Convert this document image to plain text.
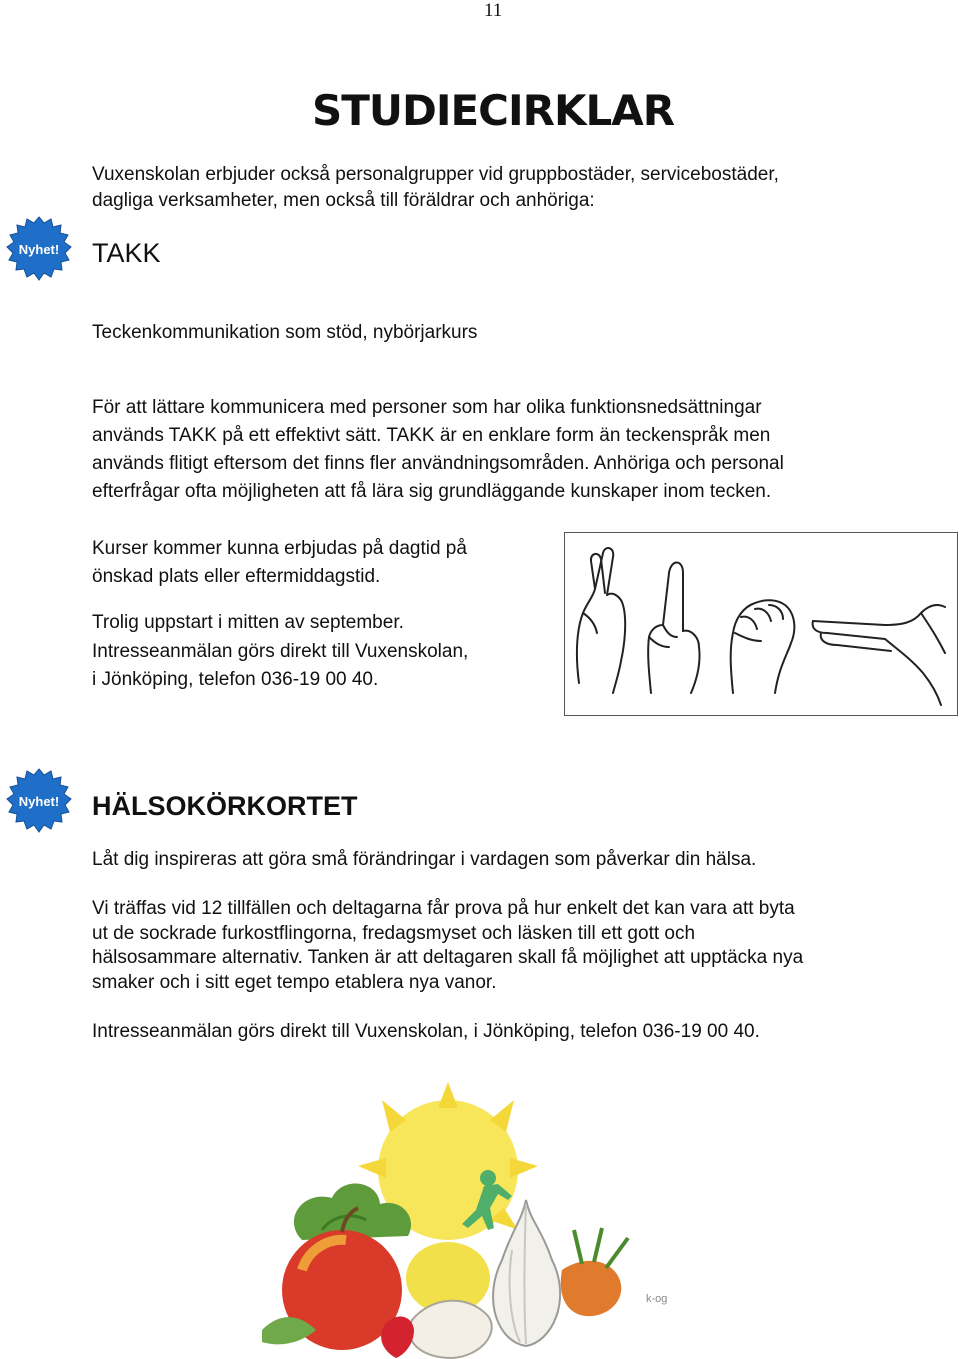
11
STUDIECIRKLAR
Vuxenskolan erbjuder också personalgrupper vid gruppbostäder, servicebostäder,
dagliga verksamheter, men också till föräldrar och anhöriga:
Nyhet! TAKK
Teckenkommunikation som stöd, nybörjarkurs
För att lättare kommunicera med personer som har olika funktionsnedsättningar
används TAKK på ett effektivt sätt. TAKK är en enklare form än teckenspråk men
används flitigt eftersom det finns fler användningsområden. Anhöriga och personal
efterfrågar ofta möjligheten att få lära sig grundläggande kunskaper inom tecken.
Kurser kommer kunna erbjudas på dagtid på
önskad plats eller eftermiddagstid.
Trolig uppstart i mitten av september.
Intresseanmälan görs direkt till Vuxenskolan,
i Jönköping, telefon 036-19 00 40.
Nyhet! HÄLSOKÖRKORTET
Låt dig inspireras att göra små förändringar i vardagen som påverkar din hälsa.
Vi träffas vid 12 tillfällen och deltagarna får prova på hur enkelt det kan vara att byta
ut de sockrade furkostflingorna, fredagsmyset och läsken till ett gott och
hälsosammare alternativ. Tanken är att deltagaren skall få möjlighet att upptäcka nya
smaker och i sitt eget tempo etablera nya vanor.
Intresseanmälan görs direkt till Vuxenskolan, i Jönköping, telefon 036-19 00 40.
k-og
